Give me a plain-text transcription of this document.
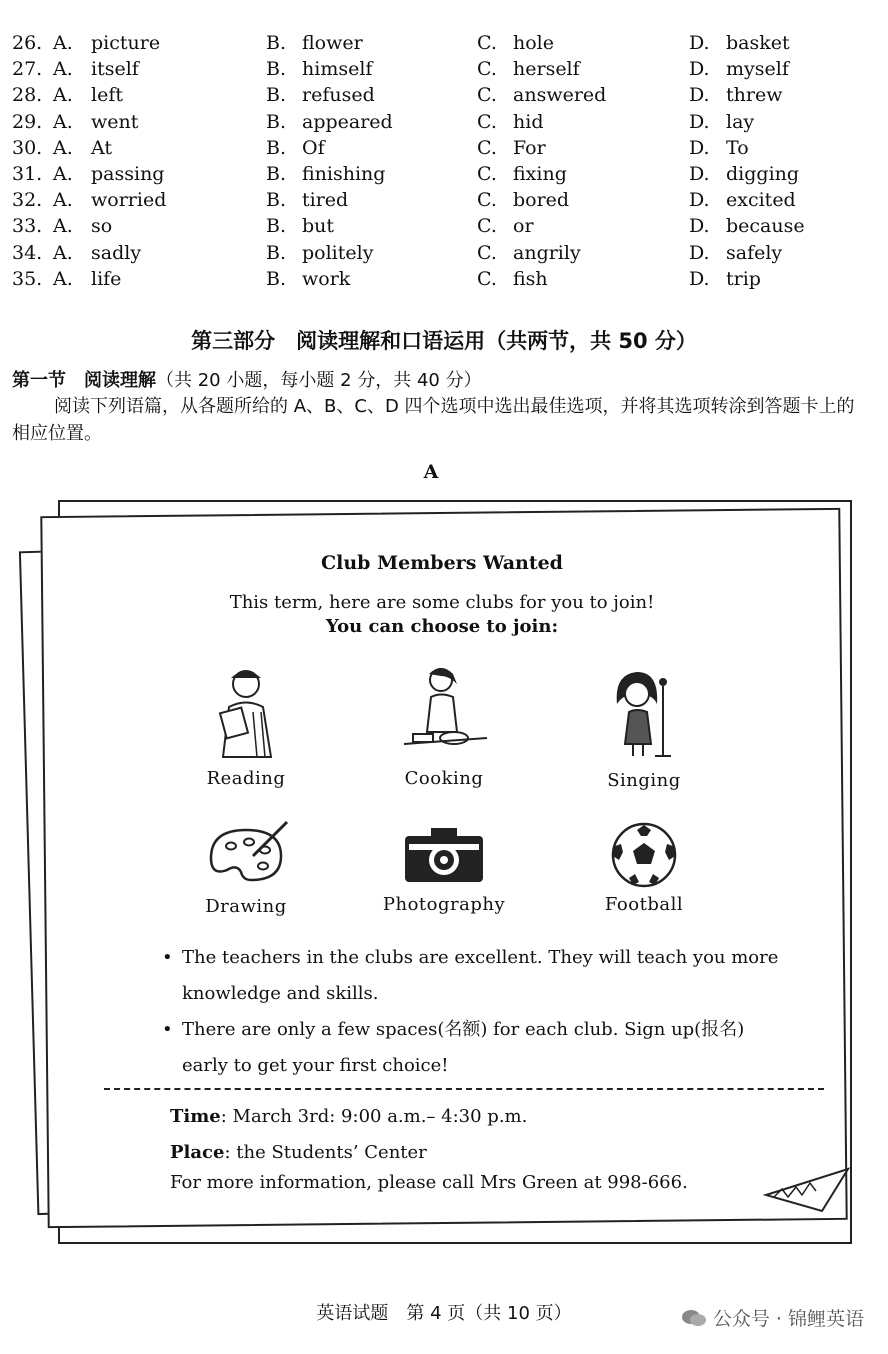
26. A. picture	B. flower	C. hole	D. basket
27. A. itself	B. himself	C. herself	D. myself
28. A. left	B. refused	C. answered	D. threw
29. A. went	B. appeared	C. hid	D. lay
30. A. At	B. Of	C. For	D. To
31. A. passing	B. finishing	C. fixing	D. digging
32. A. worried	B. tired	C. bored	D. excited
33. A. so	B. but	C. or	D. because
34. A. sadly	B. politely	C. angrily	D. safely
35. A. life	B. work	C. fish	D. trip
第三部分　阅读理解和口语运用（共两节，共 50 分）
第一节　阅读理解（共 20 小题，每小题 2 分，共 40 分）
阅读下列语篇，从各题所给的 A、B、C、D 四个选项中选出最佳选项，并将其选项转涂到答题卡上的相应位置。
A
Club Members Wanted
This term, here are some clubs for you to join!
You can choose to join:
Reading	Cooking	Singing
Drawing	Photography	Football
• The teachers in the clubs are excellent. They will teach you more knowledge and skills.
• There are only a few spaces(名额) for each club. Sign up(报名) early to get your first choice!
Time: March 3rd: 9:00 a.m.– 4:30 p.m.
Place: the Students’ Center
For more information, please call Mrs Green at 998-666.
英语试题　第 4 页（共 10 页）	公众号 · 锦鲤英语
